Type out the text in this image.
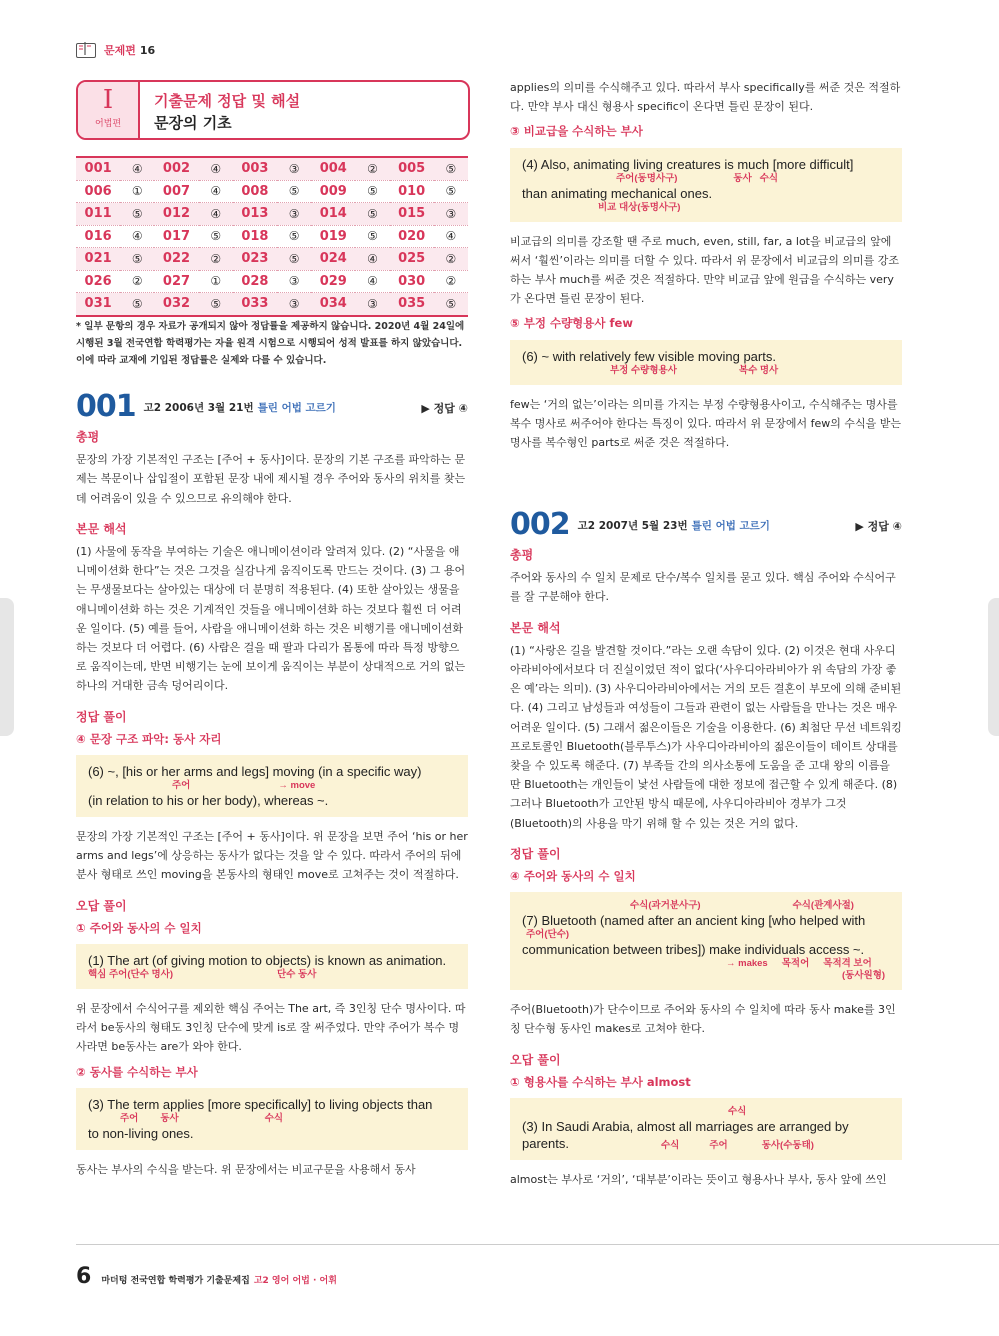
문제편 16
I
어법편
기출문제 정답 및 해설
문장의 기초
001	④	002	④	003	③	004	②	005	⑤
006	①	007	④	008	⑤	009	⑤	010	⑤
011	⑤	012	④	013	③	014	⑤	015	③
016	④	017	⑤	018	⑤	019	⑤	020	④
021	⑤	022	②	023	⑤	024	④	025	②
026	②	027	①	028	③	029	④	030	②
031	⑤	032	⑤	033	③	034	③	035	⑤
* 일부 문항의 경우 자료가 공개되지 않아 정답률을 제공하지 않습니다. 2020년 4월 24일에 시행된 3월 전국연합 학력평가는 자율 원격 시험으로 시행되어 성적 발표를 하지 않았습니다. 이에 따라 교재에 기입된 정답률은 실제와 다를 수 있습니다.
001 고2 2006년 3월 21번 틀린 어법 고르기	▶ 정답 ④
총평

문장의 가장 기본적인 구조는 [주어 + 동사]이다. 문장의 기본 구조를 파악하는 문제는 복문이나 삽입절이 포함된 문장 내에 제시될 경우 주어와 동사의 위치를 찾는 데 어려움이 있을 수 있으므로 유의해야 한다.

본문 해석

(1) 사물에 동작을 부여하는 기술은 애니메이션이라 알려져 있다. (2) “사물을 애니메이션화 한다”는 것은 그것을 실감나게 움직이도록 만드는 것이다. (3) 그 용어는 무생물보다는 살아있는 대상에 더 분명히 적용된다. (4) 또한 살아있는 생물을 애니메이션화 하는 것은 기계적인 것들을 애니메이션화 하는 것보다 훨씬 더 어려운 일이다. (5) 예를 들어, 사람을 애니메이션화 하는 것은 비행기를 애니메이션화 하는 것보다 더 어렵다. (6) 사람은 걸을 때 팔과 다리가 몸통에 따라 특정 방향으로 움직이는데, 반면 비행기는 눈에 보이게 움직이는 부분이 상대적으로 거의 없는 하나의 거대한 금속 덩어리이다.

정답 풀이
④ 문장 구조 파악: 동사 자리
(6) ~, [his or her arms and legs] moving (in a specific way)
주어	→ move
(in relation to his or her body), whereas ~.

문장의 가장 기본적인 구조는 [주어 + 동사]이다. 위 문장을 보면 주어 ‘his or her arms and legs’에 상응하는 동사가 없다는 것을 알 수 있다. 따라서 주어의 뒤에 분사 형태로 쓰인 moving을 본동사의 형태인 move로 고쳐주는 것이 적절하다.

오답 풀이
① 주어와 동사의 수 일치
(1) The art (of giving motion to objects) is known as animation.
핵심 주어(단수 명사)	단수 동사

위 문장에서 수식어구를 제외한 핵심 주어는 The art, 즉 3인칭 단수 명사이다. 따라서 be동사의 형태도 3인칭 단수에 맞게 is로 잘 써주었다. 만약 주어가 복수 명사라면 be동사는 are가 와야 한다.

② 동사를 수식하는 부사
(3) The term applies [more specifically] to living objects than
주어 동사	수식
to non-living ones.

동사는 부사의 수식을 받는다. 위 문장에서는 비교구문을 사용해서 동사

applies의 의미를 수식해주고 있다. 따라서 부사 specifically를 써준 것은 적절하다. 만약 부사 대신 형용사 specific이 온다면 틀린 문장이 된다.

③ 비교급을 수식하는 부사
(4) Also, animating living creatures is much [more difficult]
주어(동명사구)	동사 수식
than animating mechanical ones.
비교 대상(동명사구)

비교급의 의미를 강조할 땐 주로 much, even, still, far, a lot을 비교급의 앞에 써서 ‘훨씬’이라는 의미를 더할 수 있다. 따라서 위 문장에서 비교급의 의미를 강조하는 부사 much를 써준 것은 적절하다. 만약 비교급 앞에 원급을 수식하는 very가 온다면 틀린 문장이 된다.

⑤ 부정 수량형용사 few
(6) ~ with relatively few visible moving parts.
부정 수량형용사	복수 명사

few는 ‘거의 없는’이라는 의미를 가지는 부정 수량형용사이고, 수식해주는 명사를 복수 명사로 써주어야 한다는 특징이 있다. 따라서 위 문장에서 few의 수식을 받는 명사를 복수형인 parts로 써준 것은 적절하다.

002 고2 2007년 5월 23번 틀린 어법 고르기	▶ 정답 ④
총평

주어와 동사의 수 일치 문제로 단수/복수 일치를 묻고 있다. 핵심 주어와 수식어구를 잘 구분해야 한다.

본문 해석

(1) “사랑은 길을 발견할 것이다.”라는 오랜 속담이 있다. (2) 이것은 현대 사우디아라비아에서보다 더 진실이었던 적이 없다(‘사우디아라비아가 위 속담의 가장 좋은 예’라는 의미). (3) 사우디아라비아에서는 거의 모든 결혼이 부모에 의해 준비된다. (4) 그리고 남성들과 여성들이 그들과 관련이 없는 사람들을 만나는 것은 매우 어려운 일이다. (5) 그래서 젊은이들은 기술을 이용한다. (6) 최첨단 무선 네트워킹 프로토콜인 Bluetooth(블루투스)가 사우디아라비아의 젊은이들이 데이트 상대를 찾을 수 있도록 해준다. (7) 부족들 간의 의사소통에 도움을 준 고대 왕의 이름을 딴 Bluetooth는 개인들이 낯선 사람들에 대한 정보에 접근할 수 있게 해준다. (8) 그러나 Bluetooth가 고안된 방식 때문에, 사우디아라비아 경부가 그것(Bluetooth)의 사용을 막기 위해 할 수 있는 것은 거의 없다.

정답 풀이
④ 주어와 동사의 수 일치
수식(과거분사구)	수식(관계사절)
(7) Bluetooth (named after an ancient king [who helped with
주어(단수)
communication between tribes]) make individuals access ~.
→ makes 목적어 목적격 보어
(동사원형)

주어(Bluetooth)가 단수이므로 주어와 동사의 수 일치에 따라 동사 make를 3인칭 단수형 동사인 makes로 고쳐야 한다.

오답 풀이
① 형용사를 수식하는 부사 almost
수식
(3) In Saudi Arabia, almost all marriages are arranged by
parents.	수식	주어	동사(수동태)

almost는 부사로 ‘거의’, ‘대부분’이라는 뜻이고 형용사나 부사, 동사 앞에 쓰인

6 마더텅 전국연합 학력평가 기출문제집 고2 영어 어법 · 어휘
